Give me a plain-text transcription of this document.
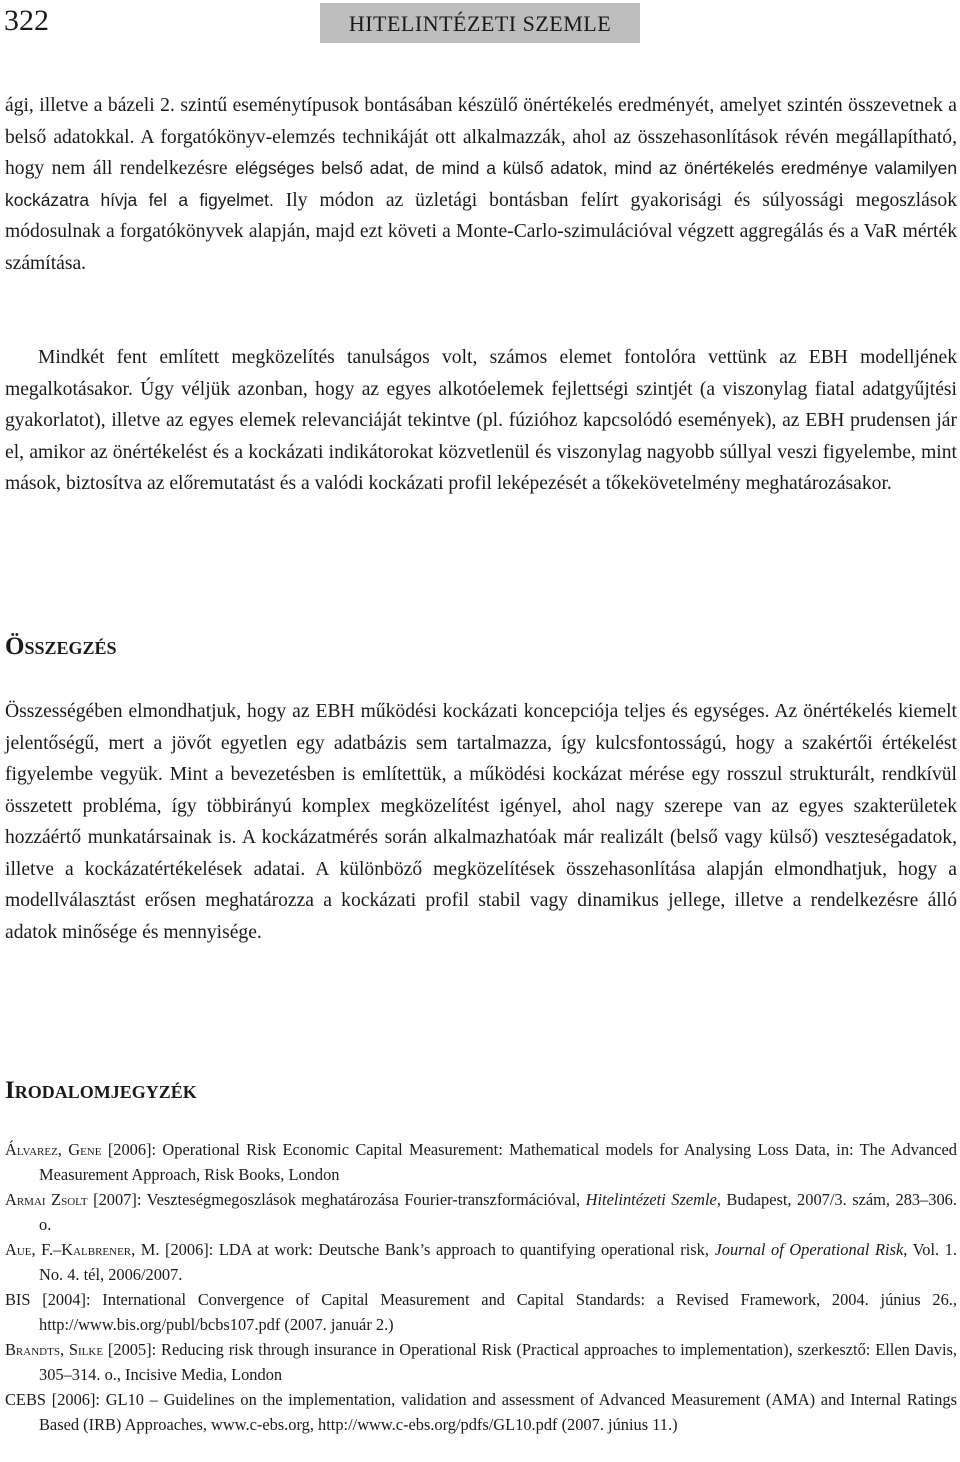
322	HITELINTÉZETI SZEMLE

ági, illetve a bázeli 2. szintű eseménytípusok bontásában készülő önértékelés eredményét, amelyet szintén összevetnek a belső adatokkal. A forgatókönyv-elemzés technikáját ott alkalmazzák, ahol az összehasonlítások révén megállapítható, hogy nem áll rendelkezésre elégséges belső adat, de mind a külső adatok, mind az önértékelés eredménye valamilyen kockázatra hívja fel a figyelmet. Ily módon az üzletági bontásban felírt gyakorisági és súlyossági megoszlások módosulnak a forgatókönyvek alapján, majd ezt követi a Monte-Carlo-szimulációval végzett aggregálás és a VaR mérték számítása.

Mindkét fent említett megközelítés tanulságos volt, számos elemet fontolóra vettünk az EBH modelljének megalkotásakor. Úgy véljük azonban, hogy az egyes alkotóelemek fejlettségi szintjét (a viszonylag fiatal adatgyűjtési gyakorlatot), illetve az egyes elemek relevanciáját tekintve (pl. fúzióhoz kapcsolódó események), az EBH prudensen jár el, amikor az önértékelést és a kockázati indikátorokat közvetlenül és viszonylag nagyobb súllyal veszi figyelembe, mint mások, biztosítva az előremutatást és a valódi kockázati profil leképezését a tőkekövetelmény meghatározásakor.

Összegzés

Összességében elmondhatjuk, hogy az EBH működési kockázati koncepciója teljes és egységes. Az önértékelés kiemelt jelentőségű, mert a jövőt egyetlen egy adatbázis sem tartalmazza, így kulcsfontosságú, hogy a szakértői értékelést figyelembe vegyük. Mint a bevezetésben is említettük, a működési kockázat mérése egy rosszul strukturált, rendkívül összetett probléma, így többirányú komplex megközelítést igényel, ahol nagy szerepe van az egyes szakterületek hozzáértő munkatársainak is. A kockázatmérés során alkalmazhatóak már realizált (belső vagy külső) veszteségadatok, illetve a kockázatértékelések adatai. A különböző megközelítések összehasonlítása alapján elmondhatjuk, hogy a modellválasztást erősen meghatározza a kockázati profil stabil vagy dinamikus jellege, illetve a rendelkezésre álló adatok minősége és mennyisége.

Irodalomjegyzék

Álvarez, Gene [2006]: Operational Risk Economic Capital Measurement: Mathematical models for Analysing Loss Data, in: The Advanced Measurement Approach, Risk Books, London

Armai Zsolt [2007]: Veszteségmegoszlások meghatározása Fourier-transzformációval, Hitelintézeti Szemle, Budapest, 2007/3. szám, 283–306. o.

Aue, F.–Kalbrener, M. [2006]: LDA at work: Deutsche Bank’s approach to quantifying operational risk, Journal of Operational Risk, Vol. 1. No. 4. tél, 2006/2007.

BIS [2004]: International Convergence of Capital Measurement and Capital Standards: a Revised Framework, 2004. június 26., http://www.bis.org/publ/bcbs107.pdf (2007. január 2.)

Brandts, Silke [2005]: Reducing risk through insurance in Operational Risk (Practical approaches to implementation), szerkesztő: Ellen Davis, 305–314. o., Incisive Media, London

CEBS [2006]: GL10 – Guidelines on the implementation, validation and assessment of Advanced Measurement (AMA) and Internal Ratings Based (IRB) Approaches, www.c-ebs.org, http://www.c-ebs.org/pdfs/GL10.pdf (2007. június 11.)
